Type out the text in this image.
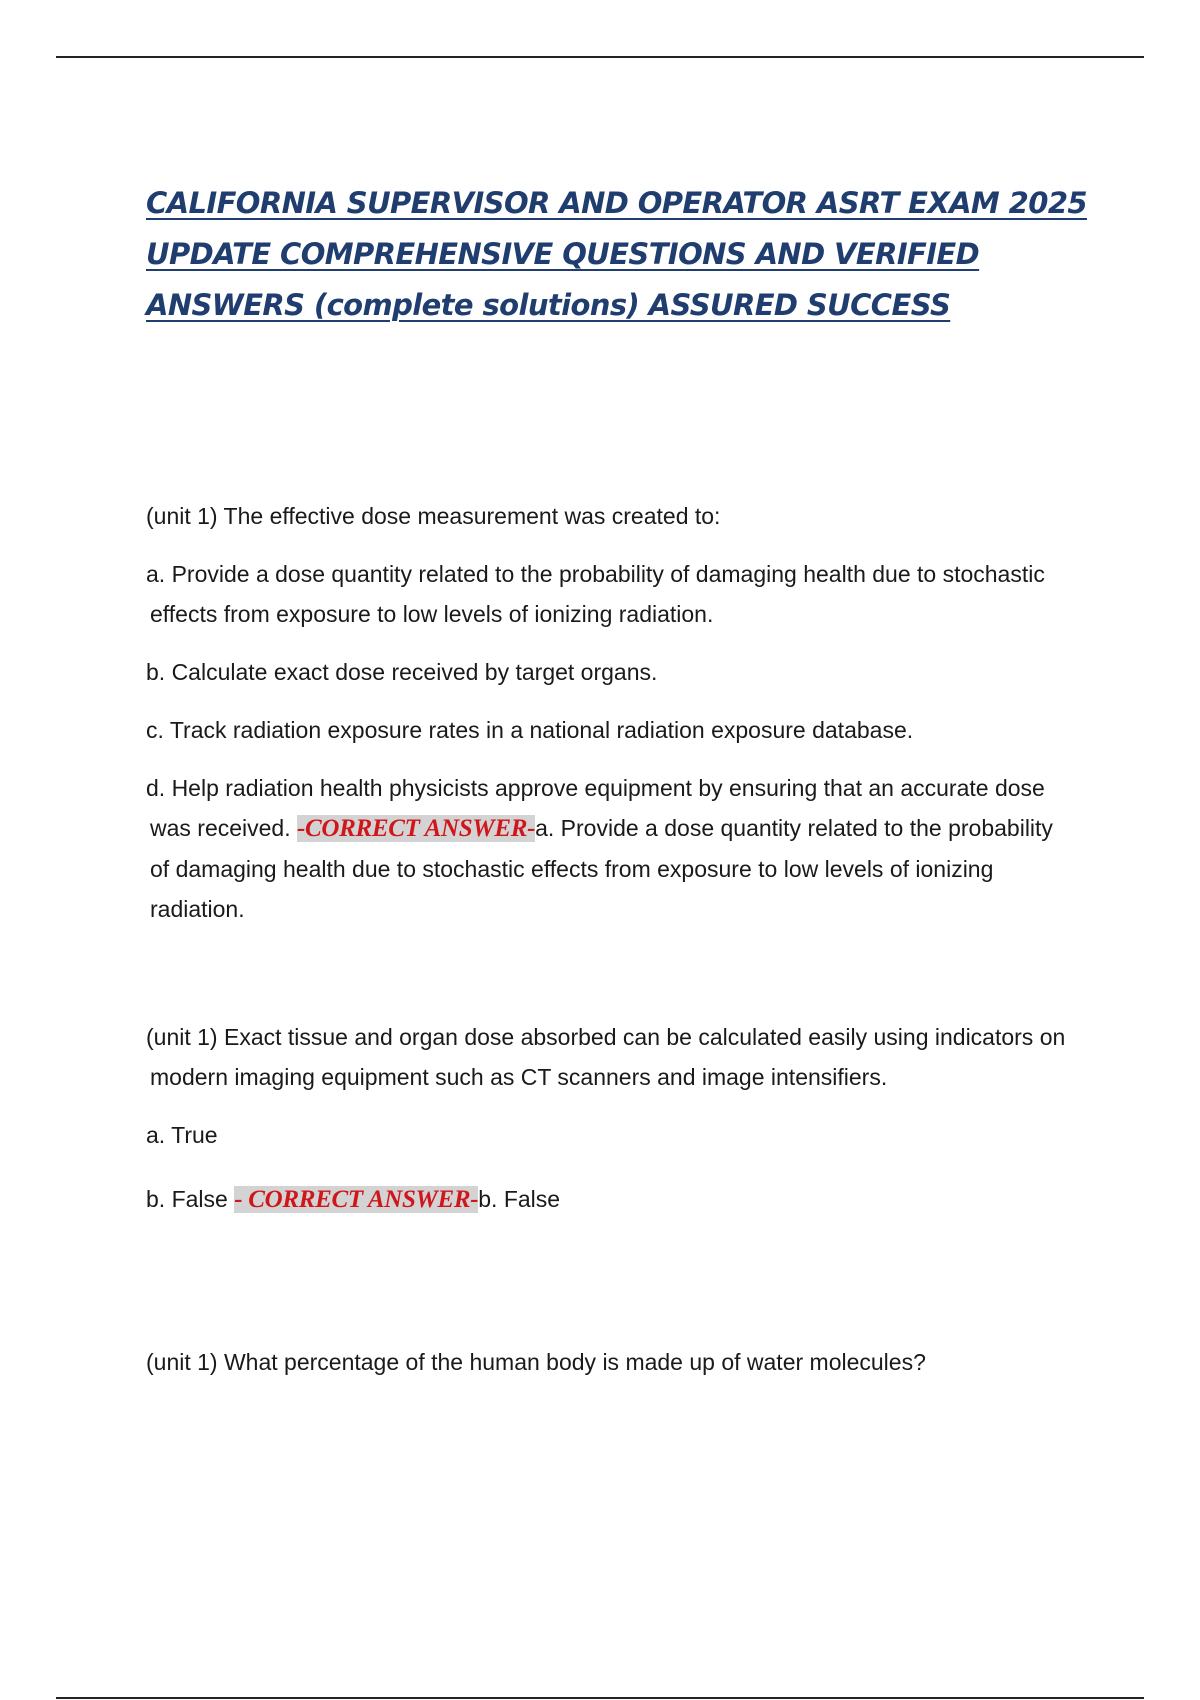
CALIFORNIA SUPERVISOR AND OPERATOR ASRT EXAM 2025
UPDATE COMPREHENSIVE QUESTIONS AND VERIFIED
ANSWERS (complete solutions) ASSURED SUCCESS

(unit 1) The effective dose measurement was created to:

a. Provide a dose quantity related to the probability of damaging health due to stochastic effects from exposure to low levels of ionizing radiation.

b. Calculate exact dose received by target organs.

c. Track radiation exposure rates in a national radiation exposure database.

d. Help radiation health physicists approve equipment by ensuring that an accurate dose was received. -CORRECT ANSWER-a. Provide a dose quantity related to the probability of damaging health due to stochastic effects from exposure to low levels of ionizing radiation.

(unit 1) Exact tissue and organ dose absorbed can be calculated easily using indicators on modern imaging equipment such as CT scanners and image intensifiers.

a. True

b. False - CORRECT ANSWER-b. False

(unit 1) What percentage of the human body is made up of water molecules?
